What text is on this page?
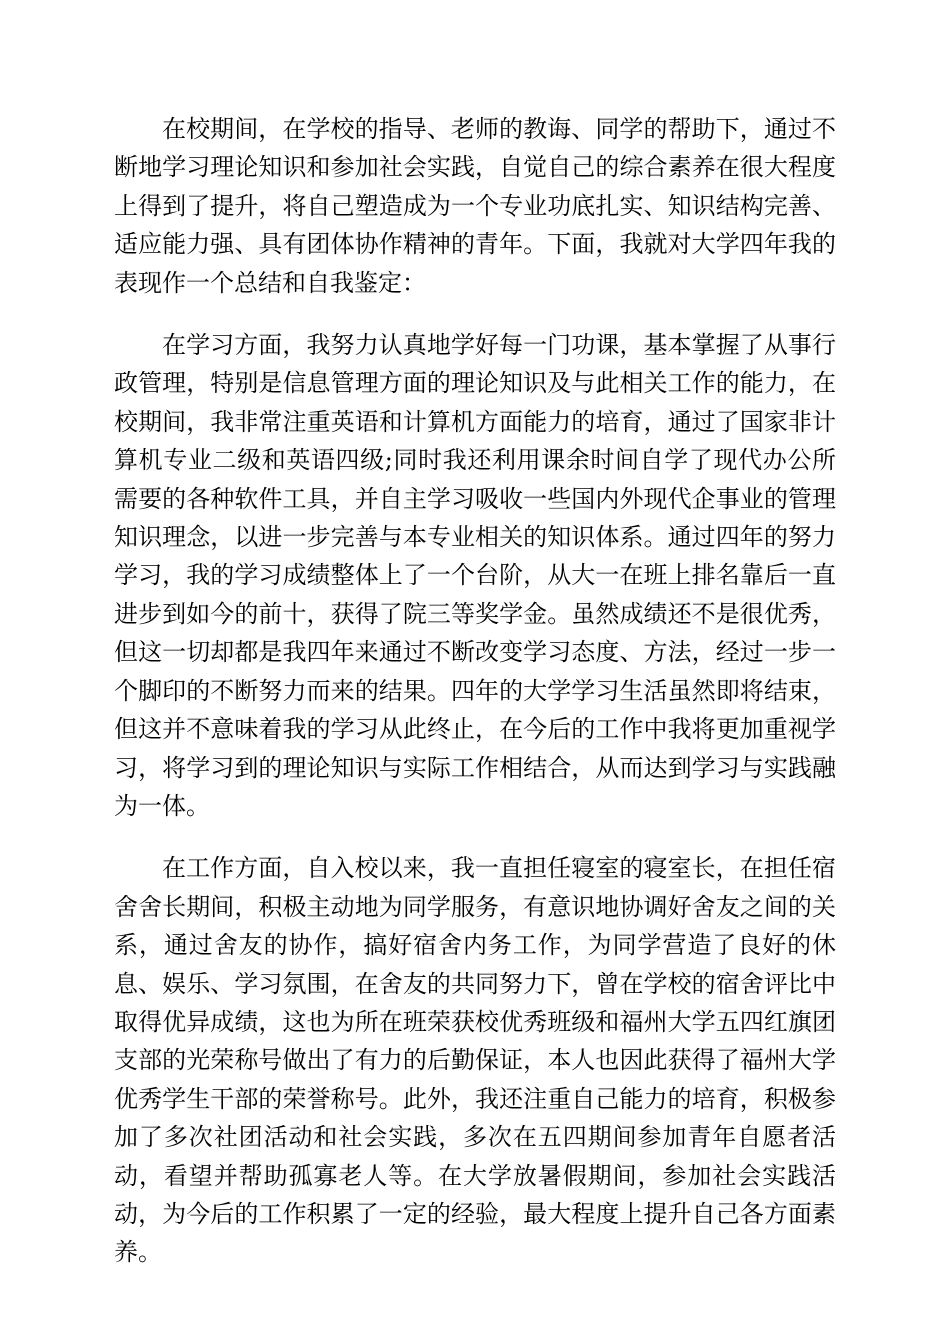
在校期间，在学校的指导、老师的教诲、同学的帮助下，通过不断地学习理论知识和参加社会实践，自觉自己的综合素养在很大程度上得到了提升，将自己塑造成为一个专业功底扎实、知识结构完善、适应能力强、具有团体协作精神的青年。下面，我就对大学四年我的表现作一个总结和自我鉴定：

在学习方面，我努力认真地学好每一门功课，基本掌握了从事行政管理，特别是信息管理方面的理论知识及与此相关工作的能力，在校期间，我非常注重英语和计算机方面能力的培育，通过了国家非计算机专业二级和英语四级;同时我还利用课余时间自学了现代办公所需要的各种软件工具，并自主学习吸收一些国内外现代企事业的管理知识理念，以进一步完善与本专业相关的知识体系。通过四年的努力学习，我的学习成绩整体上了一个台阶，从大一在班上排名靠后一直进步到如今的前十，获得了院三等奖学金。虽然成绩还不是很优秀，但这一切却都是我四年来通过不断改变学习态度、方法，经过一步一个脚印的不断努力而来的结果。四年的大学学习生活虽然即将结束，但这并不意味着我的学习从此终止，在今后的工作中我将更加重视学习，将学习到的理论知识与实际工作相结合，从而达到学习与实践融为一体。

在工作方面，自入校以来，我一直担任寝室的寝室长，在担任宿舍舍长期间，积极主动地为同学服务，有意识地协调好舍友之间的关系，通过舍友的协作，搞好宿舍内务工作，为同学营造了良好的休息、娱乐、学习氛围，在舍友的共同努力下，曾在学校的宿舍评比中取得优异成绩，这也为所在班荣获校优秀班级和福州大学五四红旗团支部的光荣称号做出了有力的后勤保证，本人也因此获得了福州大学优秀学生干部的荣誉称号。此外，我还注重自己能力的培育，积极参加了多次社团活动和社会实践，多次在五四期间参加青年自愿者活动，看望并帮助孤寡老人等。在大学放暑假期间，参加社会实践活动，为今后的工作积累了一定的经验，最大程度上提升自己各方面素养。
